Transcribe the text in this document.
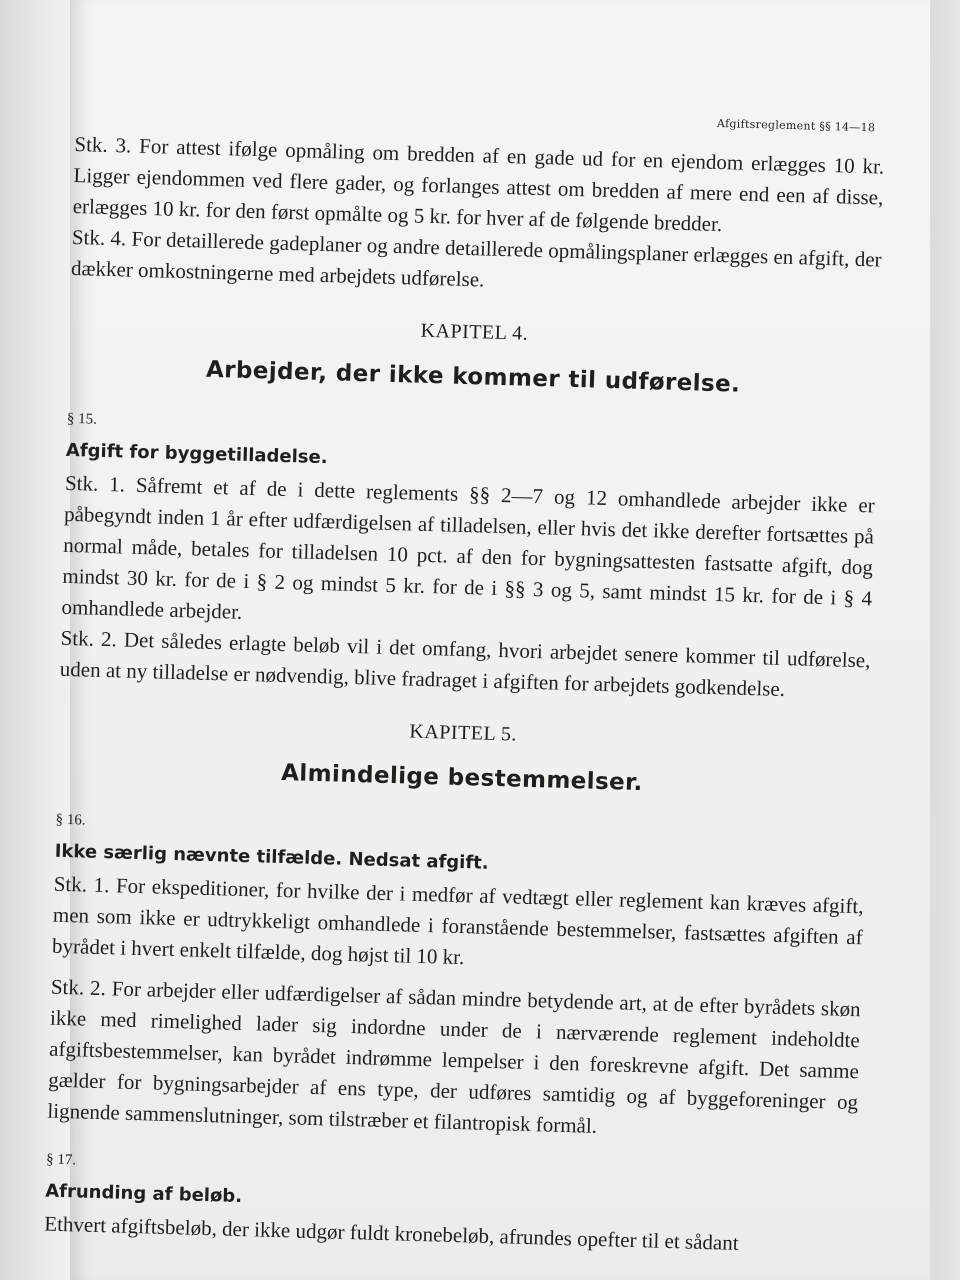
Afgiftsreglement §§ 14—18

Stk. 3. For attest ifølge opmåling om bredden af en gade ud for en ejendom erlægges 10 kr. Ligger ejendommen ved flere gader, og forlanges attest om bredden af mere end een af disse, erlægges 10 kr. for den først opmålte og 5 kr. for hver af de følgende bredder.

Stk. 4. For detaillerede gadeplaner og andre detaillerede opmålingsplaner erlægges en afgift, der dækker omkostningerne med arbejdets udførelse.

KAPITEL 4.
Arbejder, der ikke kommer til udførelse.
§ 15.
Afgift for byggetilladelse.

Stk. 1. Såfremt et af de i dette reglements §§ 2—7 og 12 omhandlede arbejder ikke er påbegyndt inden 1 år efter udfærdigelsen af tilladelsen, eller hvis det ikke derefter fortsættes på normal måde, betales for tilladelsen 10 pct. af den for bygningsattesten fastsatte afgift, dog mindst 30 kr. for de i § 2 og mindst 5 kr. for de i §§ 3 og 5, samt mindst 15 kr. for de i § 4 omhandlede arbejder.

Stk. 2. Det således erlagte beløb vil i det omfang, hvori arbejdet senere kommer til udførelse, uden at ny tilladelse er nødvendig, blive fradraget i afgiften for arbejdets godkendelse.

KAPITEL 5.
Almindelige bestemmelser.
§ 16.
Ikke særlig nævnte tilfælde. Nedsat afgift.

Stk. 1. For ekspeditioner, for hvilke der i medfør af vedtægt eller reglement kan kræves afgift, men som ikke er udtrykkeligt omhandlede i foranstående bestemmelser, fastsættes afgiften af byrådet i hvert enkelt tilfælde, dog højst til 10 kr.

Stk. 2. For arbejder eller udfærdigelser af sådan mindre betydende art, at de efter byrådets skøn ikke med rimelighed lader sig indordne under de i nærværende reglement indeholdte afgiftsbestemmelser, kan byrådet indrømme lempelser i den foreskrevne afgift. Det samme gælder for bygningsarbejder af ens type, der udføres samtidig og af byggeforeninger og lignende sammenslutninger, som tilstræber et filantropisk formål.

§ 17.
Afrunding af beløb.

Ethvert afgiftsbeløb, der ikke udgør fuldt kronebeløb, afrundes opefter til et sådant
